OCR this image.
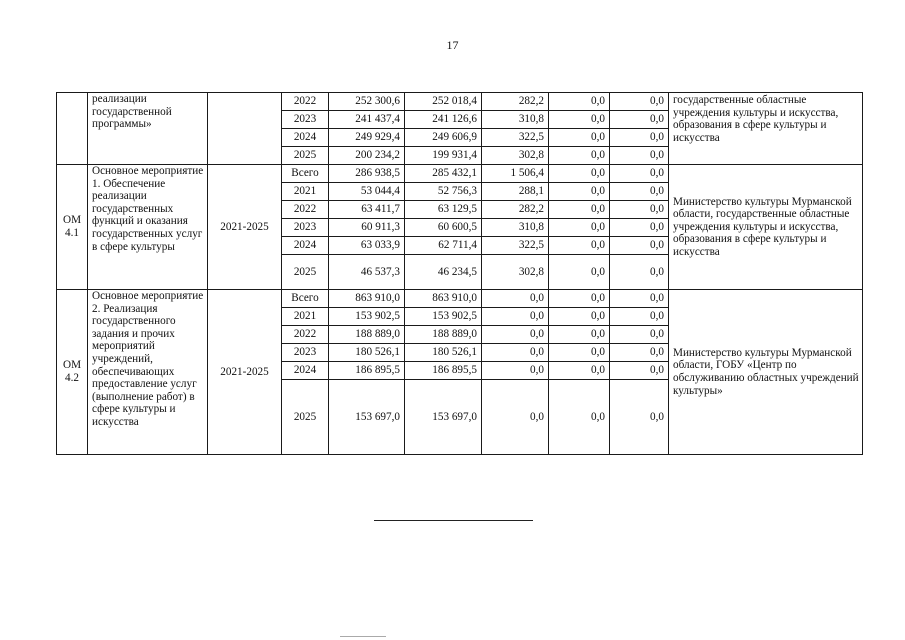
17
	реализации государственной программы»		2022	252 300,6	252 018,4	282,2	0,0	0,0	государственные областные учреждения культуры и искусства, образования в сфере культуры и искусства
			2023	241 437,4	241 126,6	310,8	0,0	0,0	
			2024	249 929,4	249 606,9	322,5	0,0	0,0	
			2025	200 234,2	199 931,4	302,8	0,0	0,0	
ОМ 4.1	Основное мероприятие 1. Обеспечение реализации государственных функций и оказания государственных услуг в сфере культуры	2021-2025	Всего	286 938,5	285 432,1	1 506,4	0,0	0,0	Министерство культуры Мурманской области, государственные областные учреждения культуры и искусства, образования в сфере культуры и искусства
			2021	53 044,4	52 756,3	288,1	0,0	0,0	
			2022	63 411,7	63 129,5	282,2	0,0	0,0	
			2023	60 911,3	60 600,5	310,8	0,0	0,0	
			2024	63 033,9	62 711,4	322,5	0,0	0,0	
			2025	46 537,3	46 234,5	302,8	0,0	0,0	
ОМ 4.2	Основное мероприятие 2. Реализация государственного задания и прочих мероприятий учреждений, обеспечивающих предоставление услуг (выполнение работ) в сфере культуры и искусства	2021-2025	Всего	863 910,0	863 910,0	0,0	0,0	0,0	Министерство культуры Мурманской области, ГОБУ «Центр по обслуживанию областных учреждений культуры»
			2021	153 902,5	153 902,5	0,0	0,0	0,0	
			2022	188 889,0	188 889,0	0,0	0,0	0,0	
			2023	180 526,1	180 526,1	0,0	0,0	0,0	
			2024	186 895,5	186 895,5	0,0	0,0	0,0	
			2025	153 697,0	153 697,0	0,0	0,0	0,0	
